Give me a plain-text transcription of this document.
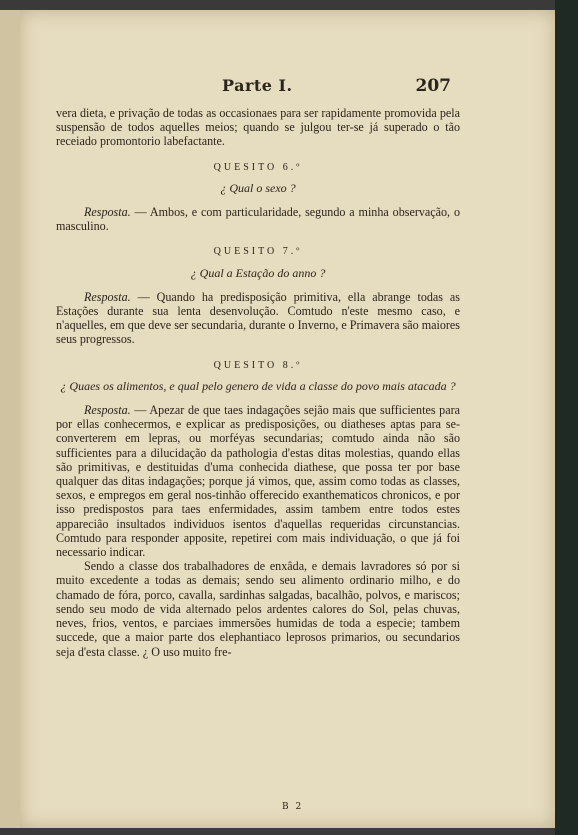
Parte I.	207

vera dieta, e privação de todas as occasionaes para ser rapidamente promovida pela suspensão de todos aquelles meios; quando se julgou ter-se já superado o tão receiado promontorio labefactante.

QUESITO 6.º

¿ Qual o sexo ?

Resposta. — Ambos, e com particularidade, segundo a minha observação, o masculino.

QUESITO 7.º

¿ Qual a Estação do anno ?

Resposta. — Quando ha predisposição primitiva, ella abrange todas as Estações durante sua lenta desenvolução. Comtudo n'este mesmo caso, e n'aquelles, em que deve ser secundaria, durante o Inverno, e Primavera são maiores seus progressos.

QUESITO 8.º

¿ Quaes os alimentos, e qual pelo genero de vida a classe do povo mais atacada ?

Resposta. — Apezar de que taes indagações sejão mais que sufficientes para por ellas conhecermos, e explicar as predisposições, ou diatheses aptas para se-converterem em lepras, ou morféyas secundarias; comtudo ainda não são sufficientes para a dilucidação da pathologia d'estas ditas molestias, quando ellas são primitivas, e destituidas d'uma conhecida diathese, que possa ter por base qualquer das ditas indagações; porque já vimos, que, assim como todas as classes, sexos, e empregos em geral nos-tinhão offerecido exanthematicos chronicos, e por isso predispostos para taes enfermidades, assim tambem entre todos estes appareciâo insultados individuos isentos d'aquellas requeridas circunstancias. Comtudo para responder apposite, repetirei com mais individuação, o que já foi necessario indicar.

Sendo a classe dos trabalhadores de enxâda, e demais lavradores só por si muito excedente a todas as demais; sendo seu alimento ordinario milho, e do chamado de fóra, porco, cavalla, sardinhas salgadas, bacalhão, polvos, e mariscos; sendo seu modo de vida alternado pelos ardentes calores do Sol, pelas chuvas, neves, frios, ventos, e parciaes immersões humidas de toda a especie; tambem succede, que a maior parte dos elephantiaco leprosos primarios, ou secundarios seja d'esta classe. ¿ O uso muito fre-

B 2
